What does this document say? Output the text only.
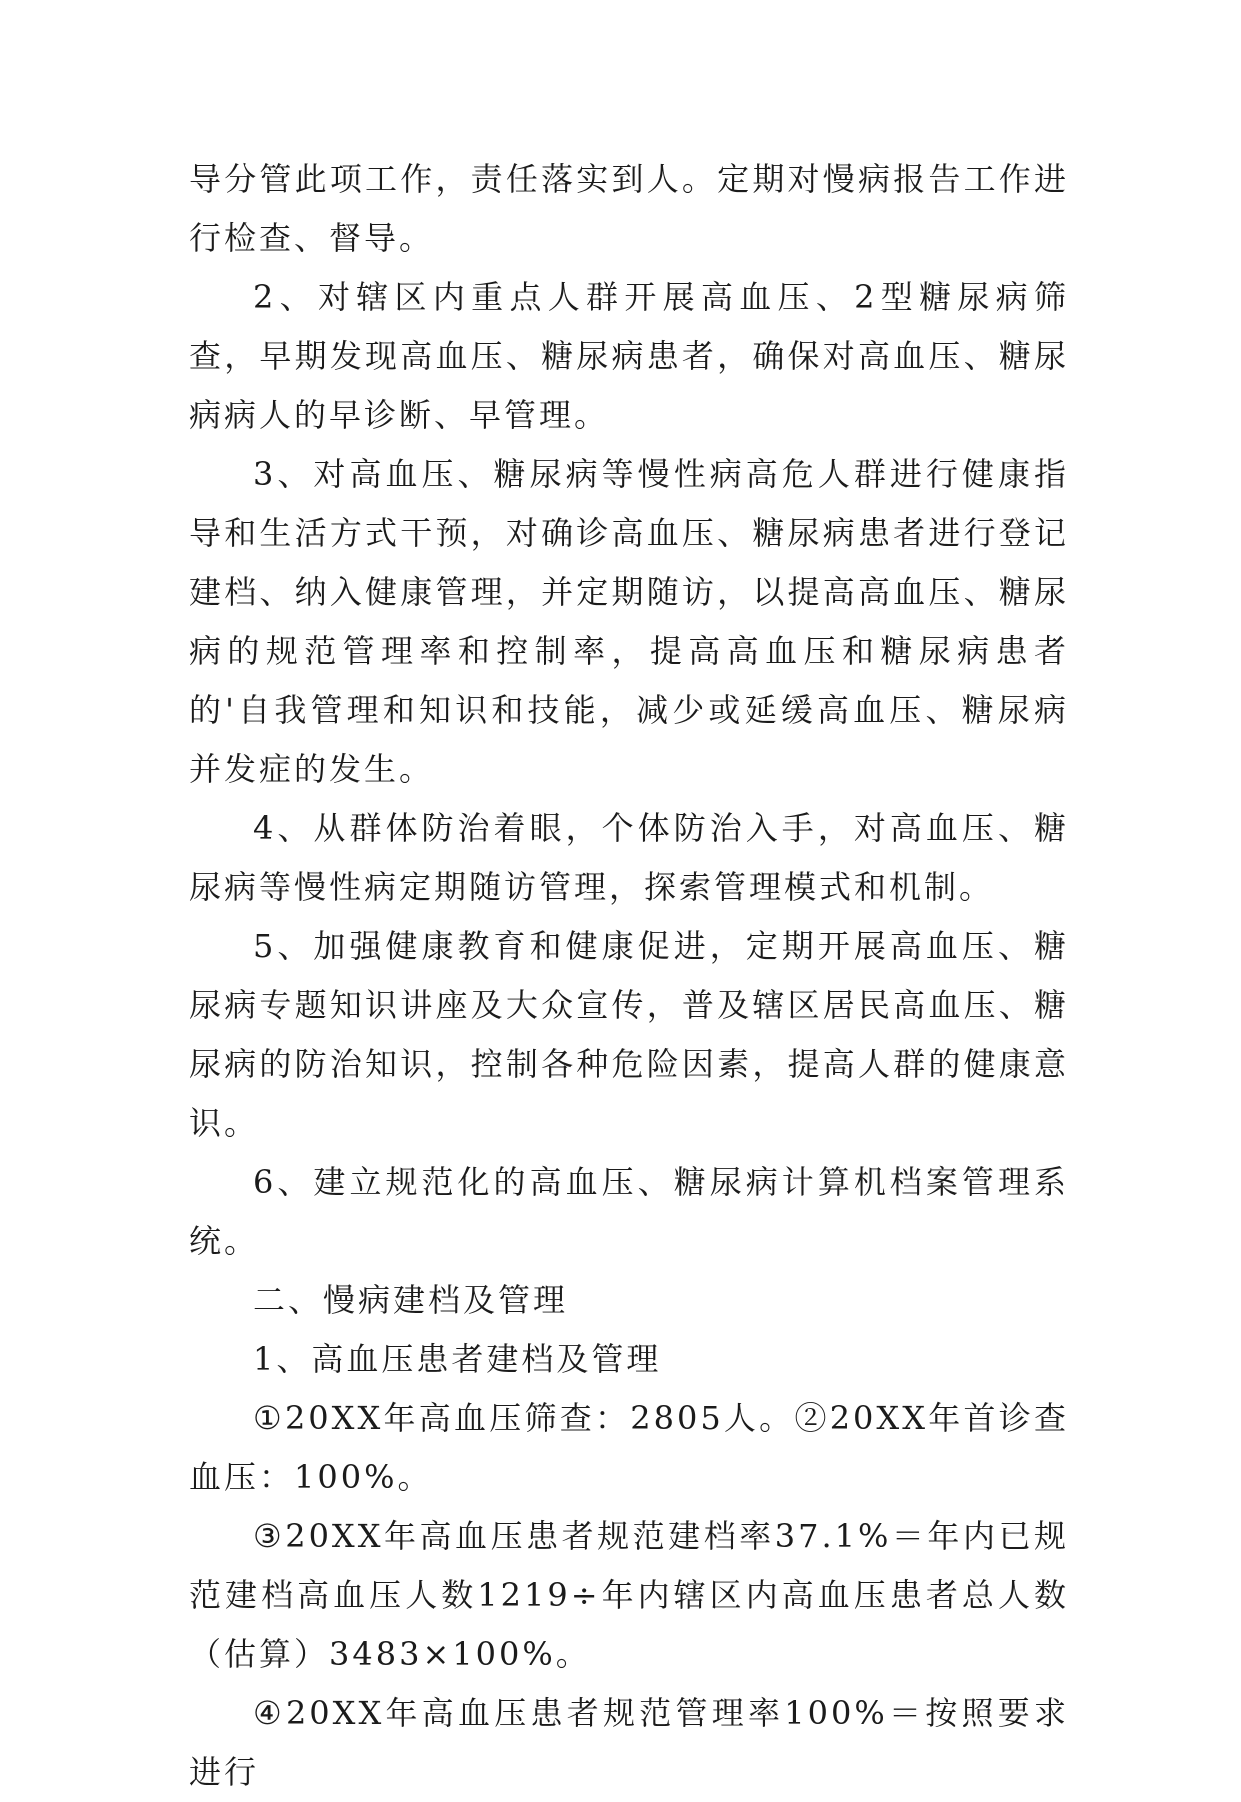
导分管此项工作，责任落实到人。定期对慢病报告工作进行检查、督导。

2、对辖区内重点人群开展高血压、2型糖尿病筛查，早期发现高血压、糖尿病患者，确保对高血压、糖尿病病人的早诊断、早管理。

3、对高血压、糖尿病等慢性病高危人群进行健康指导和生活方式干预，对确诊高血压、糖尿病患者进行登记建档、纳入健康管理，并定期随访，以提高高血压、糖尿病的规范管理率和控制率，提高高血压和糖尿病患者的'自我管理和知识和技能，减少或延缓高血压、糖尿病并发症的发生。

4、从群体防治着眼，个体防治入手，对高血压、糖尿病等慢性病定期随访管理，探索管理模式和机制。

5、加强健康教育和健康促进，定期开展高血压、糖尿病专题知识讲座及大众宣传，普及辖区居民高血压、糖尿病的防治知识，控制各种危险因素，提高人群的健康意识。

6、建立规范化的高血压、糖尿病计算机档案管理系统。

二、慢病建档及管理

1、高血压患者建档及管理

①20XX年高血压筛查：2805人。②20XX年首诊查血压：100%。

③20XX年高血压患者规范建档率37.1%＝年内已规范建档高血压人数1219÷年内辖区内高血压患者总人数（估算）3483×100%。

④20XX年高血压患者规范管理率100%＝按照要求进行
